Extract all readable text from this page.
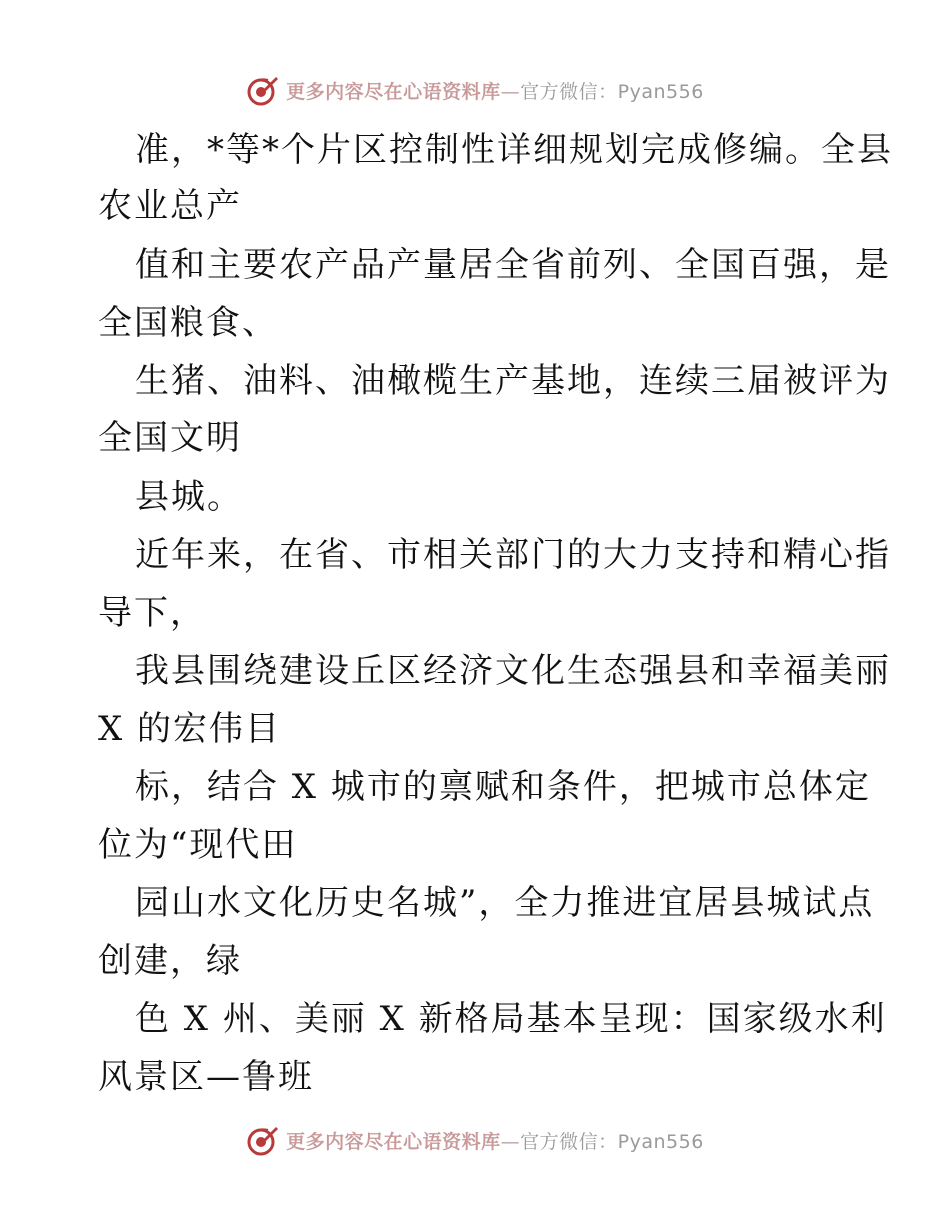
更多内容尽在心语资料库—官方微信：Pyan556
准，*等*个片区控制性详细规划完成修编。全县
农业总产
值和主要农产品产量居全省前列、全国百强，是
全国粮食、
生猪、油料、油橄榄生产基地，连续三届被评为
全国文明
县城。
近年来，在省、市相关部门的大力支持和精心指
导下，
我县围绕建设丘区经济文化生态强县和幸福美丽
X 的宏伟目
标，结合 X 城市的禀赋和条件，把城市总体定
位为“现代田
园山水文化历史名城”，全力推进宜居县城试点
创建，绿
色 X 州、美丽 X 新格局基本呈现：国家级水利
风景区—鲁班
更多内容尽在心语资料库—官方微信：Pyan556
